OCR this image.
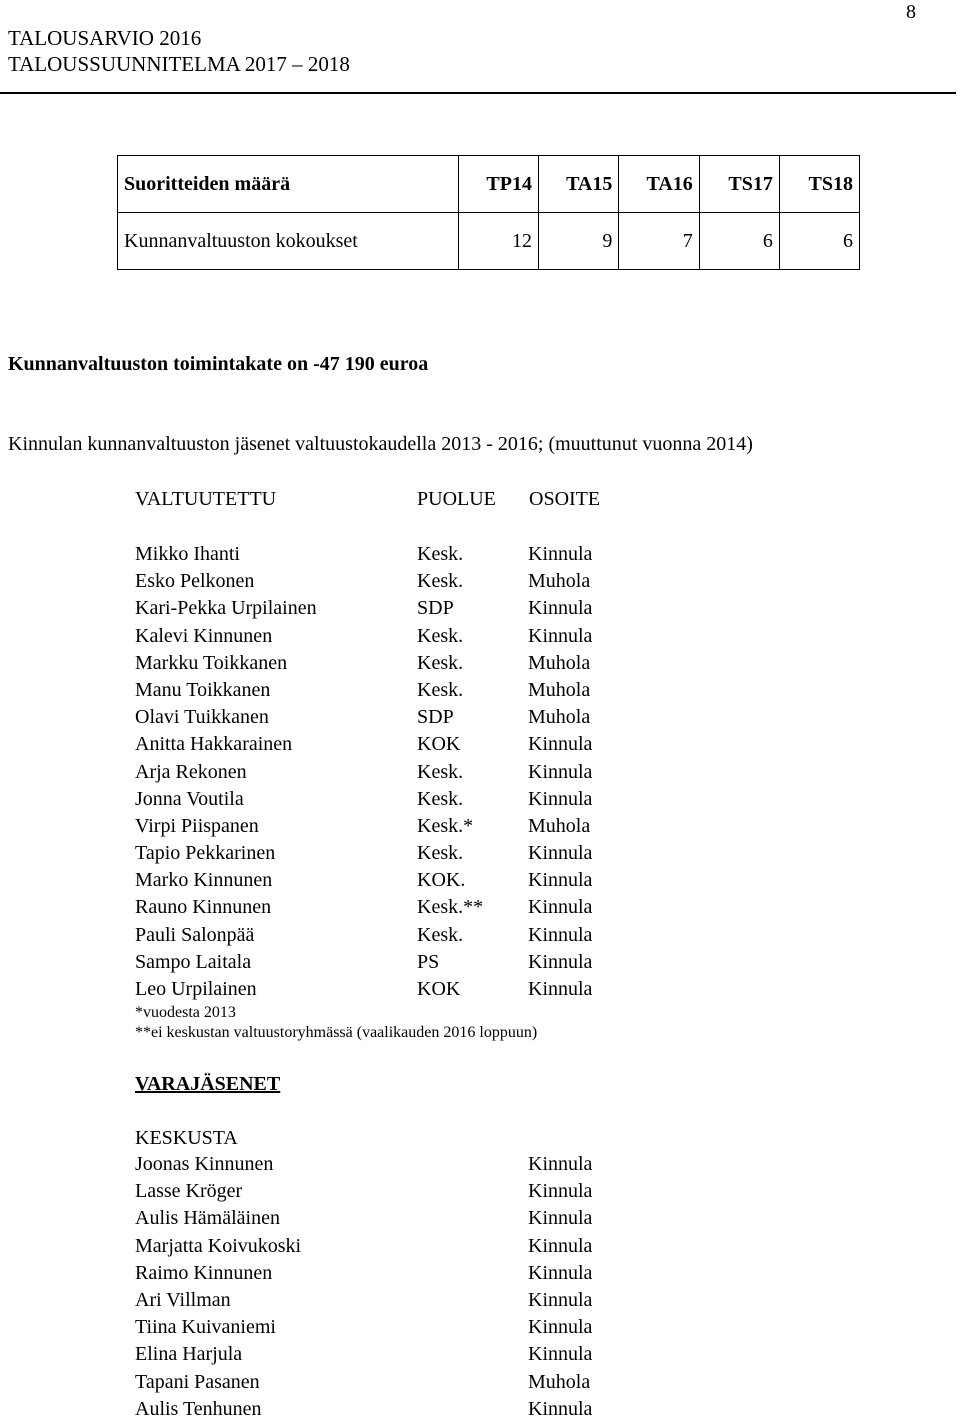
8
TALOUSARVIO 2016
TALOUSSUUNNITELMA 2017 – 2018
Suoritteiden määrä	TP14	TA15	TA16	TS17	TS18
Kunnanvaltuuston kokoukset	12	9	7	6	6
Kunnanvaltuuston toimintakate on -47 190 euroa
Kinnulan kunnanvaltuuston jäsenet valtuustokaudella 2013 - 2016; (muuttunut vuonna 2014)
VALTUUTETTU	PUOLUE OSOITE
Mikko Ihanti	Kesk.	Kinnula
Esko Pelkonen	Kesk.	Muhola
Kari-Pekka Urpilainen	SDP	Kinnula
Kalevi Kinnunen	Kesk.	Kinnula
Markku Toikkanen	Kesk.	Muhola
Manu Toikkanen	Kesk.	Muhola
Olavi Tuikkanen	SDP	Muhola
Anitta Hakkarainen	KOK	Kinnula
Arja Rekonen	Kesk.	Kinnula
Jonna Voutila	Kesk.	Kinnula
Virpi Piispanen	Kesk.*	Muhola
Tapio Pekkarinen	Kesk.	Kinnula
Marko Kinnunen	KOK.	Kinnula
Rauno Kinnunen	Kesk.**	Kinnula
Pauli Salonpää	Kesk.	Kinnula
Sampo Laitala	PS	Kinnula
Leo Urpilainen	KOK	Kinnula
*vuodesta 2013
**ei keskustan valtuustoryhmässä (vaalikauden 2016 loppuun)
VARAJÄSENET
KESKUSTA
Joonas Kinnunen	Kinnula
Lasse Kröger	Kinnula
Aulis Hämäläinen	Kinnula
Marjatta Koivukoski	Kinnula
Raimo Kinnunen	Kinnula
Ari Villman	Kinnula
Tiina Kuivaniemi	Kinnula
Elina Harjula	Kinnula
Tapani Pasanen	Muhola
Aulis Tenhunen	Kinnula
